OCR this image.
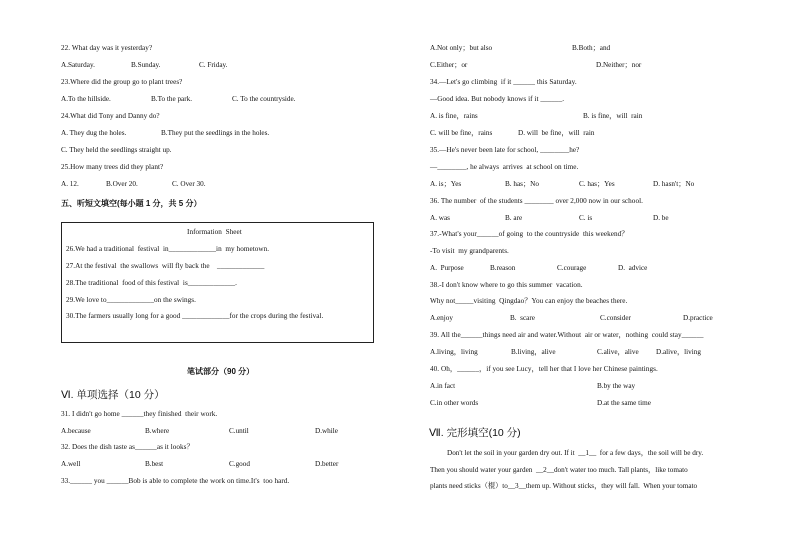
22. What day was it yesterday?
A.Saturday.	B.Sunday.	C. Friday.
23.Where did the group go to plant trees?
A.To the hillside.	B.To the park.	C. To the countryside.
24.What did Tony and Danny do?
A. They dug the holes.	B.They put the seedlings in the holes.
C. They held the seedlings straight up.
25.How many trees did they plant?
A. 12.	B.Over 20.	C. Over 30.
五、听短文填空(每小题 1 分，共 5 分）
Information  Sheet
26.We had a traditional  festival  in_____________in  my hometown.
27.At the festival  the swallows  will fly back the    _____________
28.The traditional  food of this festival  is_____________.
29.We love to_____________on the swings.
30.The farmers usually long for a good _____________for the crops during the festival.
笔试部分（90 分）
Ⅵ. 单项选择（10 分）
31. I didn't go home ______they finished  their work.
A.because	B.where	C.until	D.while
32. Does the dish taste as______as it looks？
A.well	B.best	C.good	D.better
33.______ you ______Bob is able to complete the work on time.It's  too hard.
A.Not only；but also	B.Both；and
C.Either；or	D.Neither；nor
34.—Let's go climbing  if it ______ this Saturday.
—Good idea. But nobody knows if it ______.
A. is fine，rains	B. is fine，will  rain
C. will be fine，rains	D. will  be fine，will  rain
35.—He's never been late for school, ________he?
—________, he always  arrives  at school on time.
A. is；Yes	B. has；No	C. has；Yes	D. hasn't；No
36. The number  of the students ________ over 2,000 now in our school.
A. was	B. are	C. is	D. be
37.-What's your______of going  to the countryside  this weekend？
-To visit  my grandparents.
A.  Purpose	B.reason	C.courage	D.  advice
38.-I don't know where to go this summer  vacation.
Why not_____visiting  Qingdao？You can enjoy the beaches there.
A.enjoy	B.  scare	C.consider	D.practice
39. All the______things need air and water.Without  air or water，nothing  could stay______
A.living，living	B.living，alive	C.alive，alive D.alive，living
40. Oh，______，if you see Lucy，tell her that I love her Chinese paintings.
A.in fact	B.by the way
C.in other words	D.at the same time
Ⅶ. 完形填空(10 分)
Don't let the soil in your garden dry out. If it  __1__  for a few days，the soil will be dry.
Then you should water your garden  __2__don't water too much. Tall plants，like tomato
plants need sticks（棍）to__3__them up. Without sticks，they will fall.  When your tomato
